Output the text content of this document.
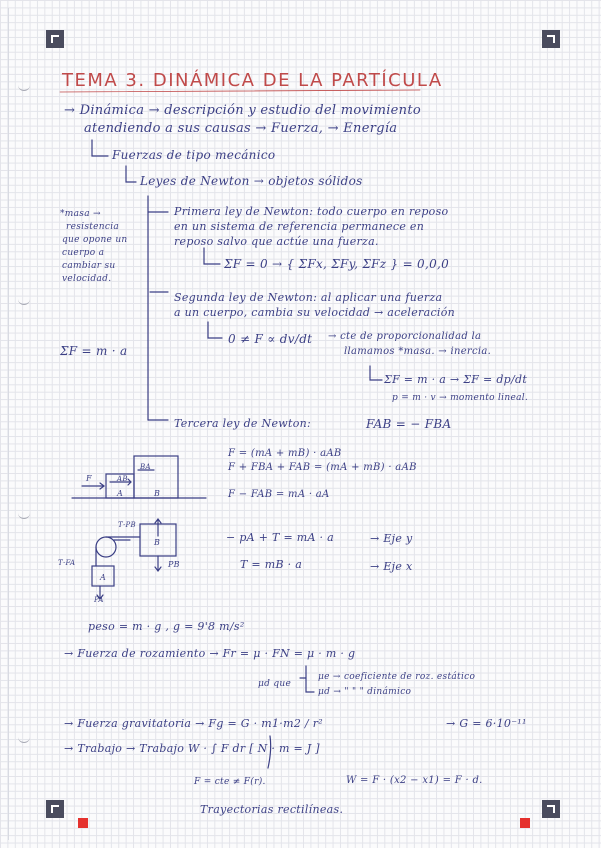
TEMA 3. DINÁMICA DE LA PARTÍCULA
→ Dinámica → descripción y estudio del movimiento
atendiendo a sus causas → Fuerza, → Energía
Fuerzas de tipo mecánico
Leyes de Newton → objetos sólidos
*masa →
resistencia
que opone un
cuerpo a
cambiar su
velocidad.
Primera ley de Newton: todo cuerpo en reposo
en un sistema de referencia permanece en
reposo salvo que actúe una fuerza.
ΣF = 0 → { ΣFx, ΣFy, ΣFz } = 0,0,0
Segunda ley de Newton: al aplicar una fuerza
a un cuerpo, cambia su velocidad → aceleración
0 ≠ F ∝ dv/dt → cte de proporcionalidad la
llamamos *masa. → inercia.
ΣF = m · a → ΣF = dp/dt
p = m · v → momento lineal.
ΣF = m · a
Tercera ley de Newton:	FAB = − FBA
F = (mA + mB) · aAB
F + FBA + FAB = (mA + mB) · aAB
F − FAB = mA · aA
F	AB
BA
A	B
T·PB
T·FA
B
A
PB
PA
− pA + T = mA · a	→ Eje y
T = mB · a	→ Eje x
peso = m · g , g = 9'8 m/s²
→ Fuerza de rozamiento → Fr = μ · FN = μ · m · g
μd que
μe → coeficiente de roz. estático
μd → " " " dinámico
→ Fuerza gravitatoria → Fg = G · m1·m2 / r²	→ G = 6·10⁻¹¹
→ Trabajo → Trabajo W · ∫ F dr [ N · m = J ]
F = cte ≠ F(r).	W = F · (x2 − x1) = F · d.
Trayectorias rectilíneas.
